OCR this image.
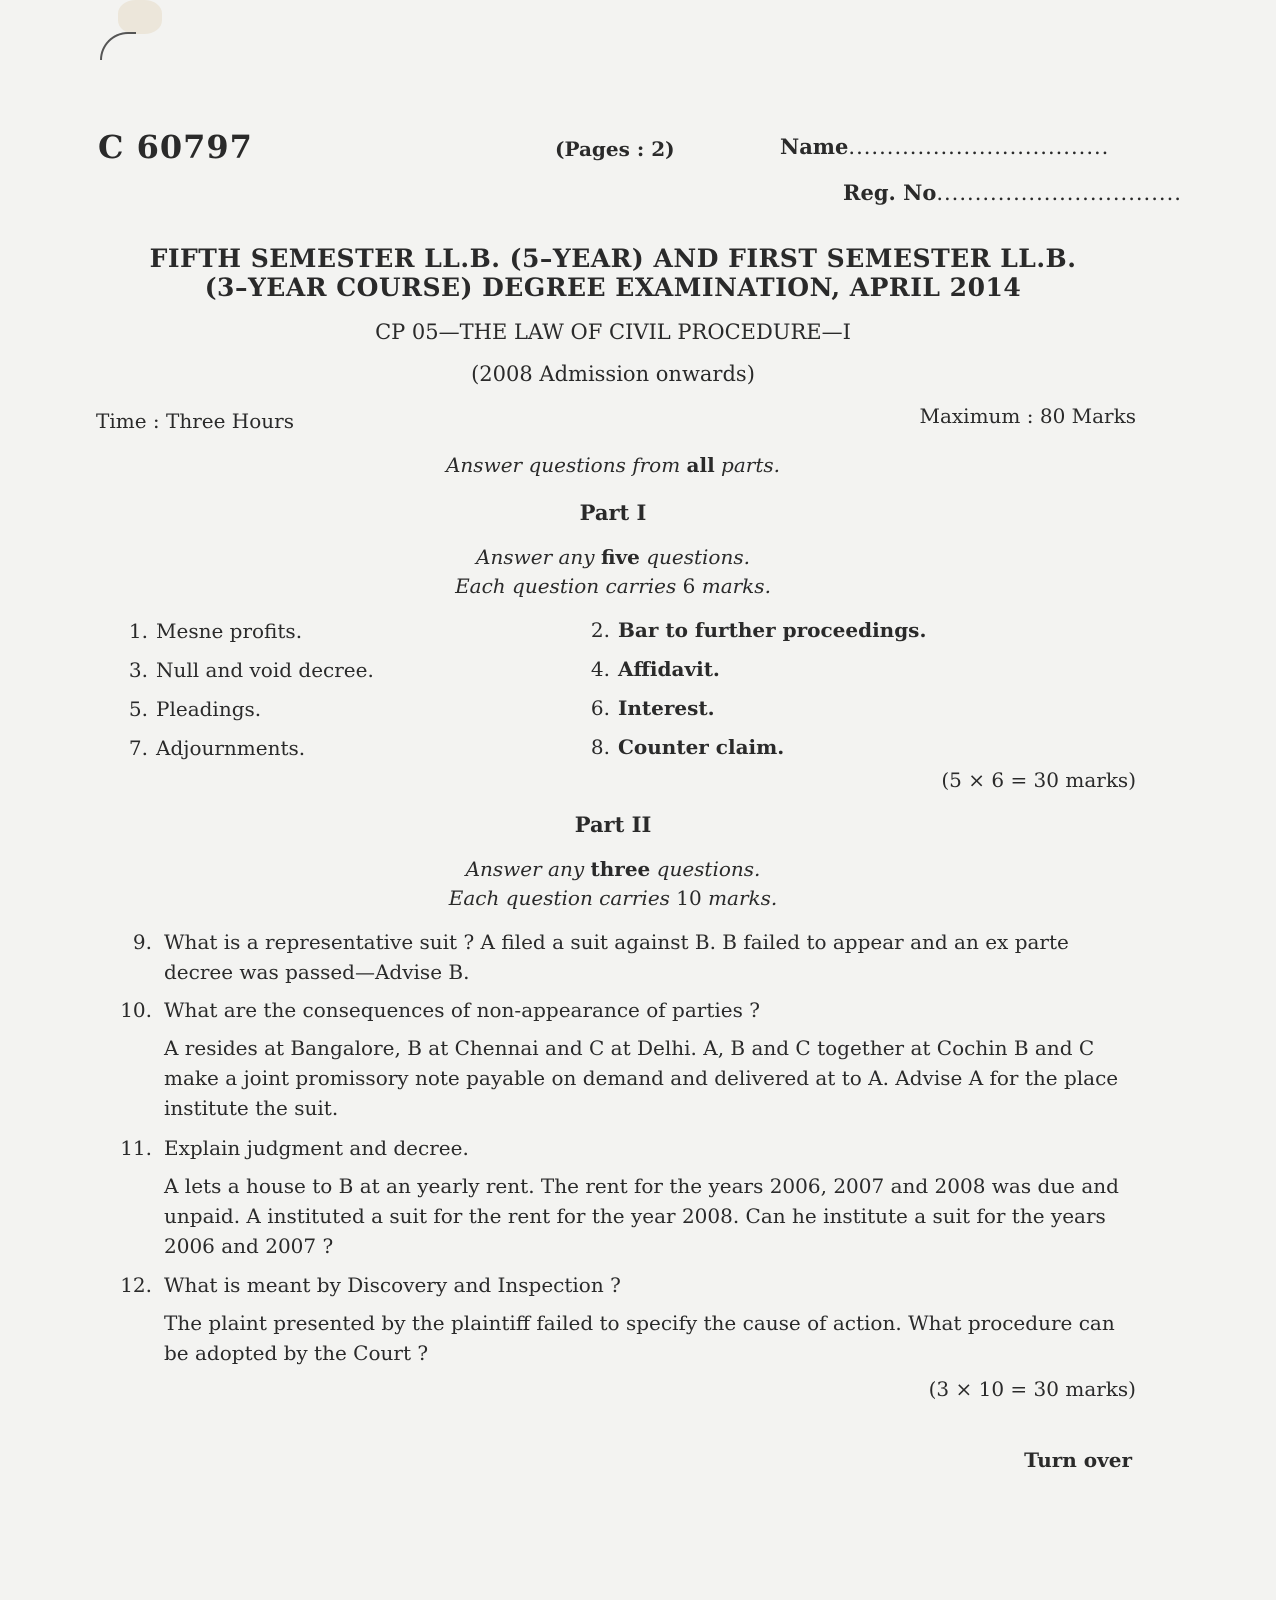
C 60797	(Pages : 2)	Name..................................
Reg. No................................
FIFTH SEMESTER LL.B. (5–YEAR) AND FIRST SEMESTER LL.B.
(3–YEAR COURSE) DEGREE EXAMINATION, APRIL 2014
CP 05—THE LAW OF CIVIL PROCEDURE—I
(2008 Admission onwards)
Time : Three Hours	Maximum : 80 Marks
Answer questions from all parts.
Part I
Answer any five questions.
Each question carries 6 marks.
1. Mesne profits.	2. Bar to further proceedings.
3. Null and void decree.	4. Affidavit.
5. Pleadings.	6. Interest.
7. Adjournments.	8. Counter claim.
(5 × 6 = 30 marks)
Part II
Answer any three questions.
Each question carries 10 marks.
9. What is a representative suit ? A filed a suit against B. B failed to appear and an ex parte decree was passed—Advise B.
10. What are the consequences of non-appearance of parties ?
A resides at Bangalore, B at Chennai and C at Delhi. A, B and C together at Cochin B and C make a joint promissory note payable on demand and delivered at to A. Advise A for the place institute the suit.
11. Explain judgment and decree.
A lets a house to B at an yearly rent. The rent for the years 2006, 2007 and 2008 was due and unpaid. A instituted a suit for the rent for the year 2008. Can he institute a suit for the years 2006 and 2007 ?
12. What is meant by Discovery and Inspection ?
The plaint presented by the plaintiff failed to specify the cause of action. What procedure can be adopted by the Court ?
(3 × 10 = 30 marks)
Turn over
